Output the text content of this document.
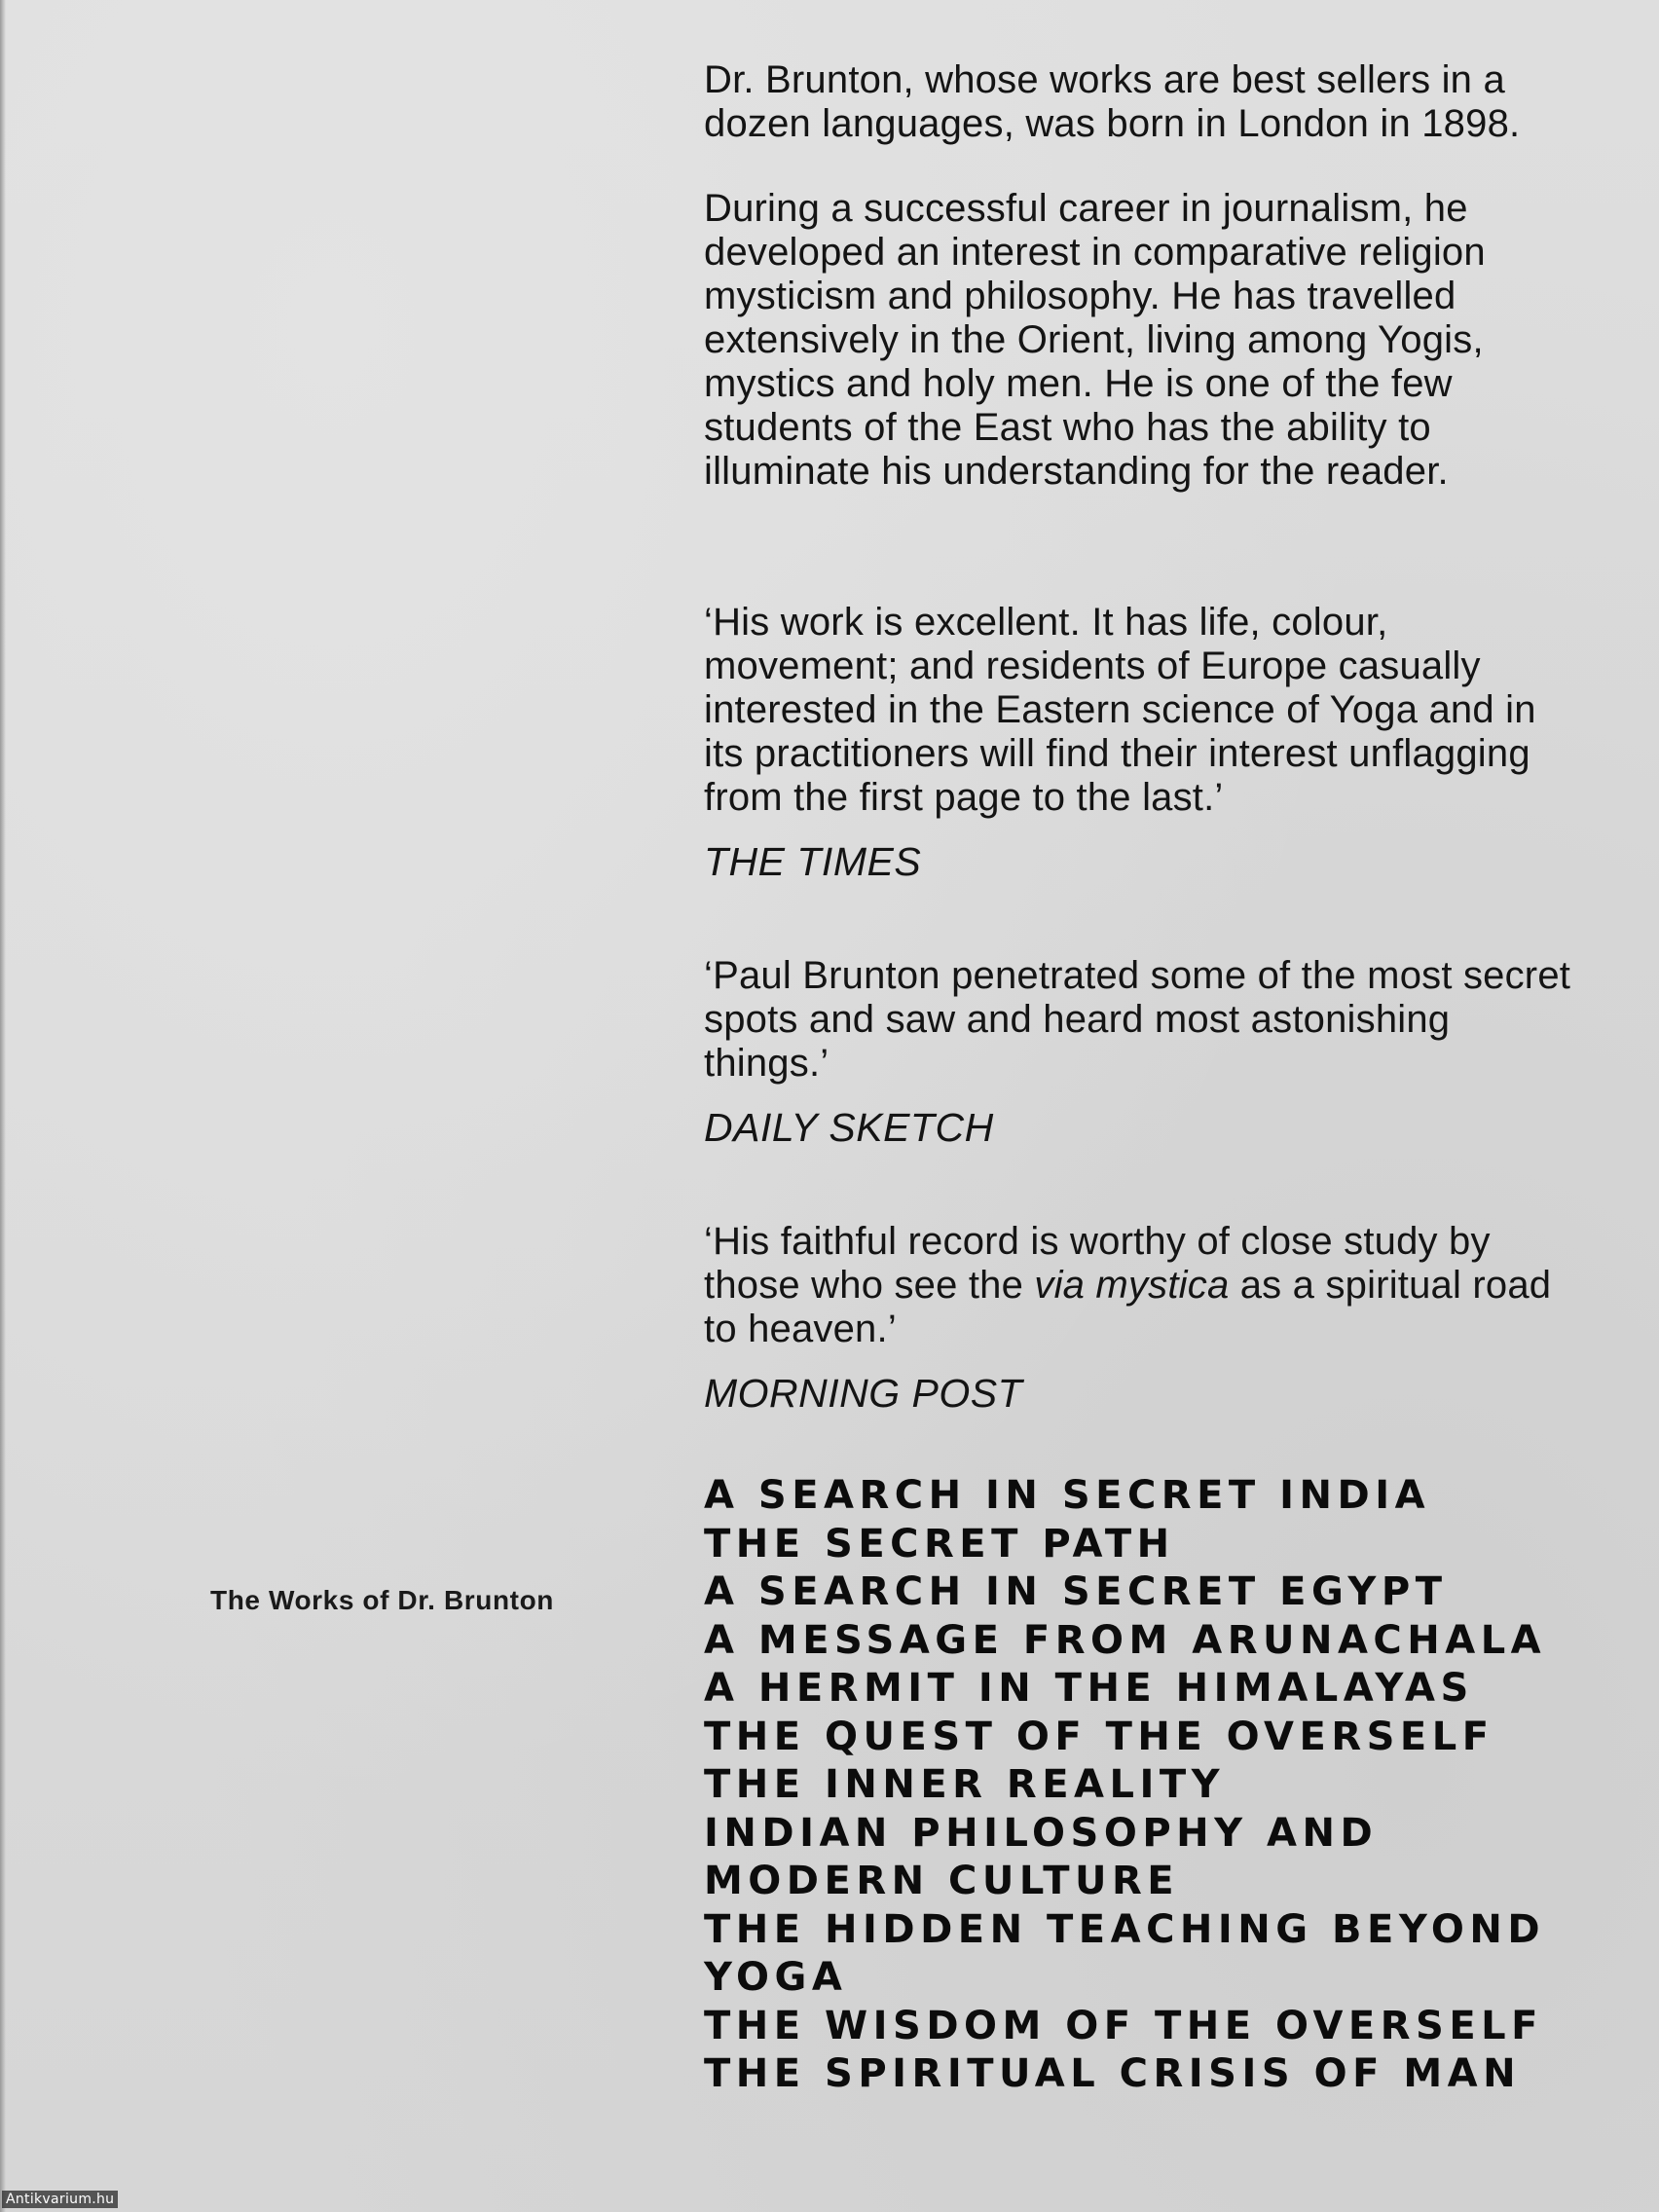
Dr. Brunton, whose works are best sellers in a dozen languages, was born in London in 1898.

During a successful career in journalism, he developed an interest in comparative religion mysticism and philosophy. He has travelled extensively in the Orient, living among Yogis, mystics and holy men. He is one of the few students of the East who has the ability to illuminate his understanding for the reader.

‘His work is excellent. It has life, colour, movement; and residents of Europe casually interested in the Eastern science of Yoga and in its practitioners will find their interest unflagging from the first page to the last.’

THE TIMES

‘Paul Brunton penetrated some of the most secret spots and saw and heard most astonishing things.’

DAILY SKETCH

‘His faithful record is worthy of close study by those who see the via mystica as a spiritual road to heaven.’

MORNING POST

A SEARCH IN SECRET INDIA
THE SECRET PATH
A SEARCH IN SECRET EGYPT
A MESSAGE FROM ARUNACHALA
A HERMIT IN THE HIMALAYAS
THE QUEST OF THE OVERSELF
THE INNER REALITY
INDIAN PHILOSOPHY AND
MODERN CULTURE
THE HIDDEN TEACHING BEYOND
YOGA
THE WISDOM OF THE OVERSELF
THE SPIRITUAL CRISIS OF MAN
The Works of Dr. Brunton
Antikvarium.hu
